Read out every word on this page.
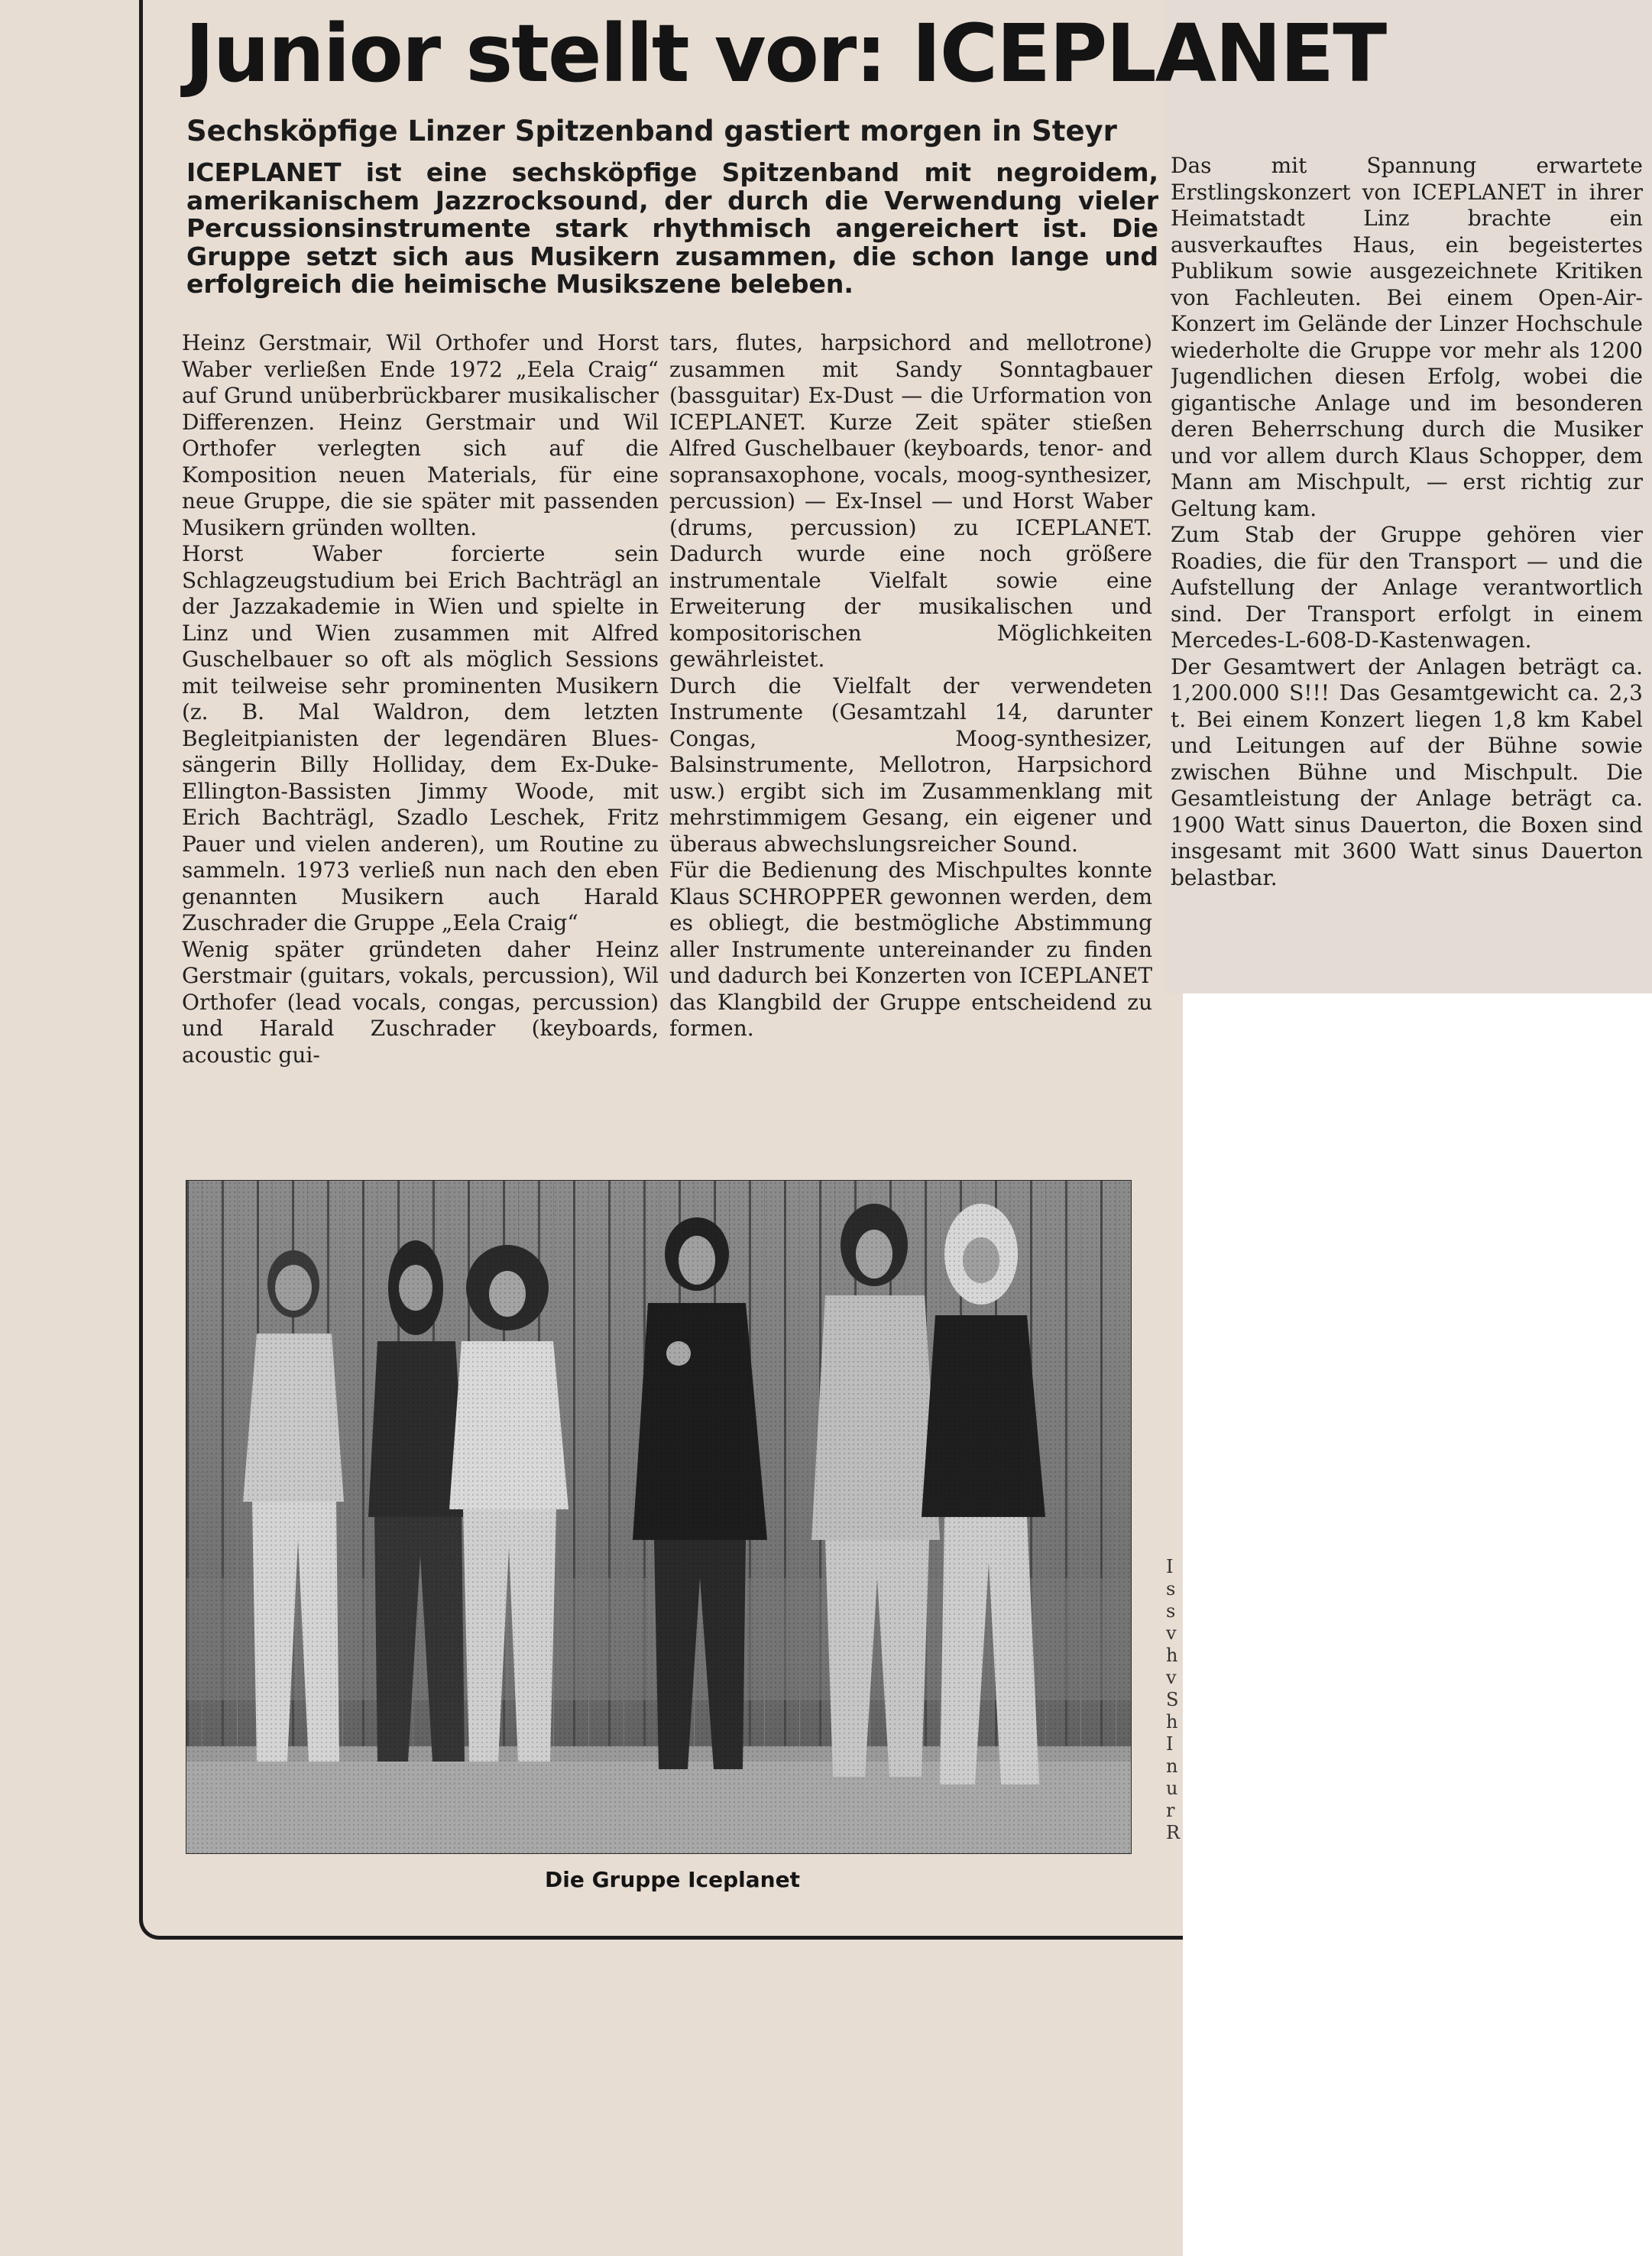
Junior stellt vor: ICEPLANET
Sechsköpfige Linzer Spitzenband gastiert morgen in Steyr

ICEPLANET ist eine sechsköpfige Spitzenband mit negroidem, amerikanischem Jazzrocksound, der durch die Verwendung vieler Percussionsinstrumente stark rhythmisch angereichert ist. Die Gruppe setzt sich aus Musikern zusammen, die schon lange und erfolgreich die heimische Musikszene beleben.

Heinz Gerstmair, Wil Orthofer und Horst Waber verließen Ende 1972 „Eela Craig“ auf Grund unüberbrückbarer musikalischer Differenzen. Heinz Gerstmair und Wil Orthofer verlegten sich auf die Komposition neuen Materials, für eine neue Gruppe, die sie später mit passenden Musikern gründen wollten.

Horst Waber forcierte sein Schlagzeugstudium bei Erich Bachträgl an der Jazzakademie in Wien und spielte in Linz und Wien zusammen mit Alfred Guschelbauer so oft als möglich Sessions mit teilweise sehr prominenten Musikern (z. B. Mal Waldron, dem letzten Begleitpianisten der legendären Blues-sängerin Billy Holliday, dem Ex-Duke-Ellington-Bassisten Jimmy Woode, mit Erich Bachträgl, Szadlo Leschek, Fritz Pauer und vielen anderen), um Routine zu sammeln. 1973 verließ nun nach den eben genannten Musikern auch Harald Zuschrader die Gruppe „Eela Craig“

Wenig später gründeten daher Heinz Gerstmair (guitars, vokals, percussion), Wil Orthofer (lead vocals, congas, percussion) und Harald Zuschrader (keyboards, acoustic gui-

tars, flutes, harpsichord and mellotrone) zusammen mit Sandy Sonntagbauer (bassguitar) Ex-Dust — die Urformation von ICEPLANET. Kurze Zeit später stießen Alfred Guschelbauer (keyboards, tenor- and sopransaxophone, vocals, moog-synthesizer, percussion) — Ex-Insel — und Horst Waber (drums, percussion) zu ICEPLANET. Dadurch wurde eine noch größere instrumentale Vielfalt sowie eine Erweiterung der musikalischen und kompositorischen Möglichkeiten gewährleistet.

Durch die Vielfalt der verwendeten Instrumente (Gesamtzahl 14, darunter Congas, Moog-synthesizer, Balsinstrumente, Mellotron, Harpsichord usw.) ergibt sich im Zusammenklang mit mehrstimmigem Gesang, ein eigener und überaus abwechslungsreicher Sound.

Für die Bedienung des Mischpultes konnte Klaus SCHROPPER gewonnen werden, dem es obliegt, die bestmögliche Abstimmung aller Instrumente untereinander zu finden und dadurch bei Konzerten von ICEPLANET das Klangbild der Gruppe entscheidend zu formen.

Das mit Spannung erwartete Erstlingskonzert von ICEPLANET in ihrer Heimatstadt Linz brachte ein ausverkauftes Haus, ein begeistertes Publikum sowie ausgezeichnete Kritiken von Fachleuten. Bei einem Open-Air-Konzert im Gelände der Linzer Hochschule wiederholte die Gruppe vor mehr als 1200 Jugendlichen diesen Erfolg, wobei die gigantische Anlage und im besonderen deren Beherrschung durch die Musiker und vor allem durch Klaus Schopper, dem Mann am Mischpult, — erst richtig zur Geltung kam.

Zum Stab der Gruppe gehören vier Roadies, die für den Transport — und die Aufstellung der Anlage verantwortlich sind. Der Transport erfolgt in einem Mercedes-L-608-D-Kastenwagen.

Der Gesamtwert der Anlagen beträgt ca. 1,200.000 S!!! Das Gesamtgewicht ca. 2,3 t. Bei einem Konzert liegen 1,8 km Kabel und Leitungen auf der Bühne sowie zwischen Bühne und Mischpult. Die Gesamtleistung der Anlage beträgt ca. 1900 Watt sinus Dauerton, die Boxen sind insgesamt mit 3600 Watt sinus Dauerton belastbar.

Die Gruppe Iceplanet

I
s
s
v
h
v
S
h
I
n
u
r
R
